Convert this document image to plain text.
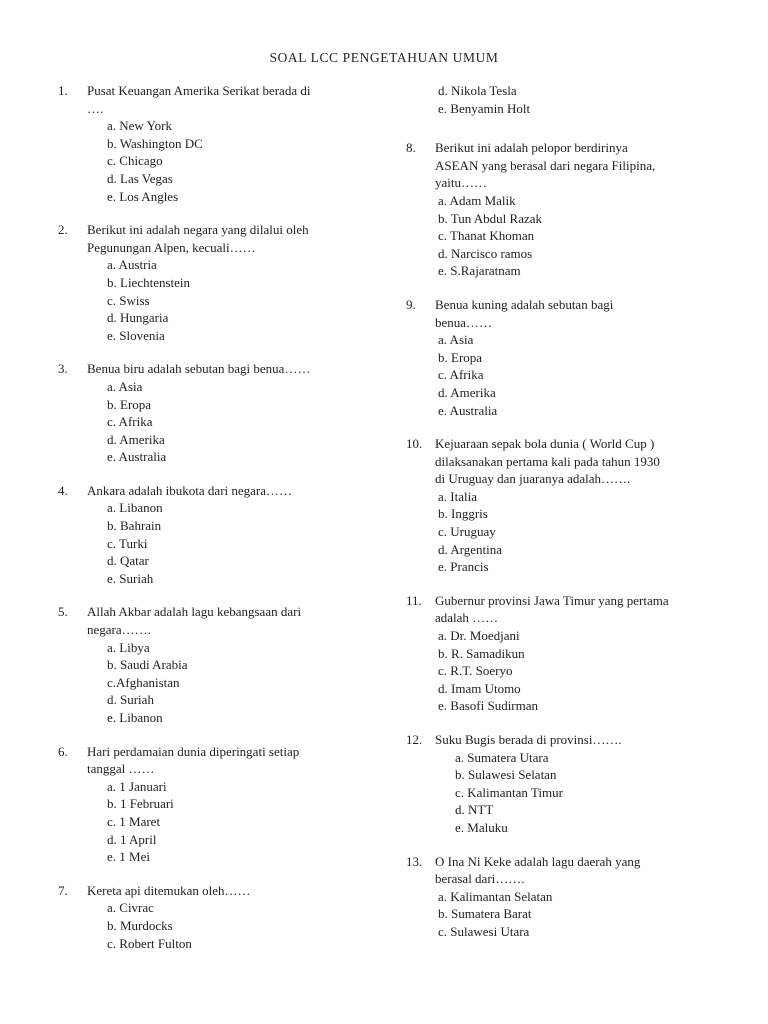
SOAL LCC PENGETAHUAN UMUM
1.	Pusat Keuangan Amerika Serikat berada di
….
a. New York
b. Washington DC
c. Chicago
d. Las Vegas
e. Los Angles
2.	Berikut ini adalah negara yang dilalui oleh
Pegunungan Alpen, kecuali……
a. Austria
b. Liechtenstein
c. Swiss
d. Hungaria
e. Slovenia
3.	Benua biru adalah sebutan bagi benua……
a. Asia
b. Eropa
c. Afrika
d. Amerika
e. Australia
4.	Ankara adalah ibukota dari negara……
a. Libanon
b. Bahrain
c. Turki
d. Qatar
e. Suriah
5.	Allah Akbar adalah lagu kebangsaan dari
negara…….
a. Libya
b. Saudi Arabia
c.Afghanistan
d. Suriah
e. Libanon
6.	Hari perdamaian dunia diperingati setiap
tanggal ……
a. 1 Januari
b. 1 Februari
c. 1 Maret
d. 1 April
e. 1 Mei
7.	Kereta api ditemukan oleh……
a. Civrac
b. Murdocks
c. Robert Fulton
d. Nikola Tesla
e. Benyamin Holt
8.	Berikut ini adalah pelopor berdirinya
ASEAN yang berasal dari negara Filipina,
yaitu……
a. Adam Malik
b. Tun Abdul Razak
c. Thanat Khoman
d. Narcisco ramos
e. S.Rajaratnam
9.	Benua kuning adalah sebutan bagi
benua……
a. Asia
b. Eropa
c. Afrika
d. Amerika
e. Australia
10. Kejuaraan sepak bola dunia ( World Cup )
dilaksanakan pertama kali pada tahun 1930
di Uruguay dan juaranya adalah…….
a. Italia
b. Inggris
c. Uruguay
d. Argentina
e. Prancis
11.	Gubernur provinsi Jawa Timur yang pertama
adalah ……
a. Dr. Moedjani
b. R. Samadikun
c. R.T. Soeryo
d. Imam Utomo
e. Basofi Sudirman
12. Suku Bugis berada di provinsi…….
a. Sumatera Utara
b. Sulawesi Selatan
c. Kalimantan Timur
d. NTT
e. Maluku
13. O Ina Ni Keke adalah lagu daerah yang
berasal dari…….
a. Kalimantan Selatan
b. Sumatera Barat
c. Sulawesi Utara
